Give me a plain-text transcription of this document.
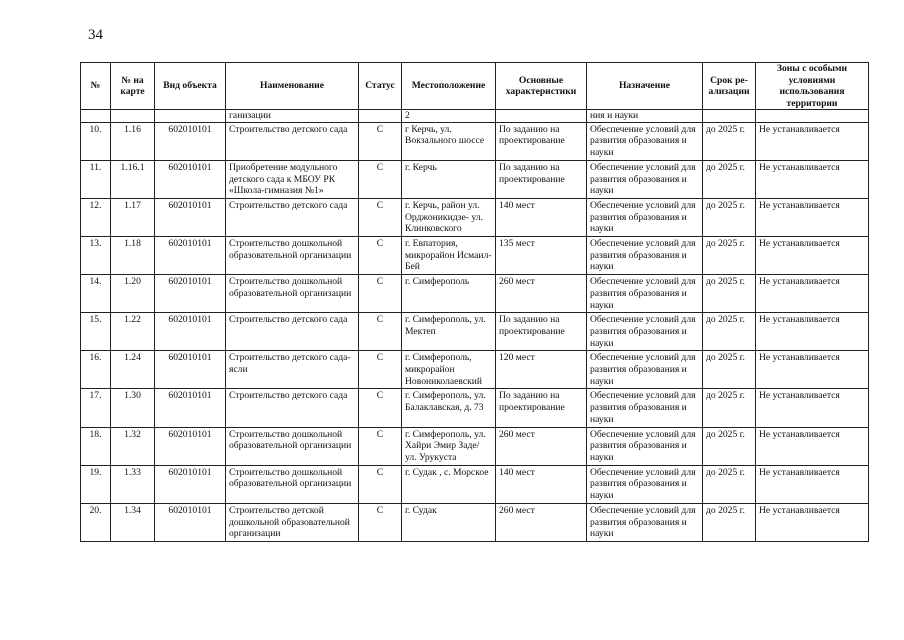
34
№	№ на карте	Вид объекта	Наименование	Статус	Местоположение	Основные характеристики	Назначение	Срок ре-ализации	Зоны с особыми условиями использования территории
			ганизации		2		ния и науки		
10.	1.16	602010101	Строительство детского сада	С	г Керчь, ул. Вокзального шоссе	По заданию на проектирование	Обеспечение условий для развития образования и науки	до 2025 г.	Не устанавливается
11.	1.16.1	602010101	Приобретение модульного детского сада к МБОУ РК «Школа-гимназия №1»	С	г. Керчь	По заданию на проектирование	Обеспечение условий для развития образования и науки	до 2025 г.	Не устанавливается
12.	1.17	602010101	Строительство детского сада	С	г. Керчь, район ул. Орджоникидзе- ул. Клинковского	140 мест	Обеспечение условий для развития образования и науки	до 2025 г.	Не устанавливается
13.	1.18	602010101	Строительство дошкольной образовательной организации	С	г. Евпатория, микрорайон Исмаил-Бей	135 мест	Обеспечение условий для развития образования и науки	до 2025 г.	Не устанавливается
14.	1.20	602010101	Строительство дошкольной образовательной организации	С	г. Симферополь	260 мест	Обеспечение условий для развития образования и науки	до 2025 г.	Не устанавливается
15.	1.22	602010101	Строительство детского сада	С	г. Симферополь, ул. Мектеп	По заданию на проектирование	Обеспечение условий для развития образования и науки	до 2025 г.	Не устанавливается
16.	1.24	602010101	Строительство детского сада-ясли	С	г. Симферополь, микрорайон Новониколаевский	120 мест	Обеспечение условий для развития образования и науки	до 2025 г.	Не устанавливается
17.	1.30	602010101	Строительство детского сада	С	г. Симферополь, ул. Балаклавская, д. 73	По заданию на проектирование	Обеспечение условий для развития образования и науки	до 2025 г.	Не устанавливается
18.	1.32	602010101	Строительство дошкольной образовательной организации	С	г. Симферополь, ул. Хайри Эмир Заде/ ул. Урукуста	260 мест	Обеспечение условий для развития образования и науки	до 2025 г.	Не устанавливается
19.	1.33	602010101	Строительство дошкольной образовательной организации	С	г. Судак , с. Морское	140 мест	Обеспечение условий для развития образования и науки	до 2025 г.	Не устанавливается
20.	1.34	602010101	Строительство детской дошкольной образовательной организации	С	г. Судак	260 мест	Обеспечение условий для развития образования и науки	до 2025 г.	Не устанавливается
